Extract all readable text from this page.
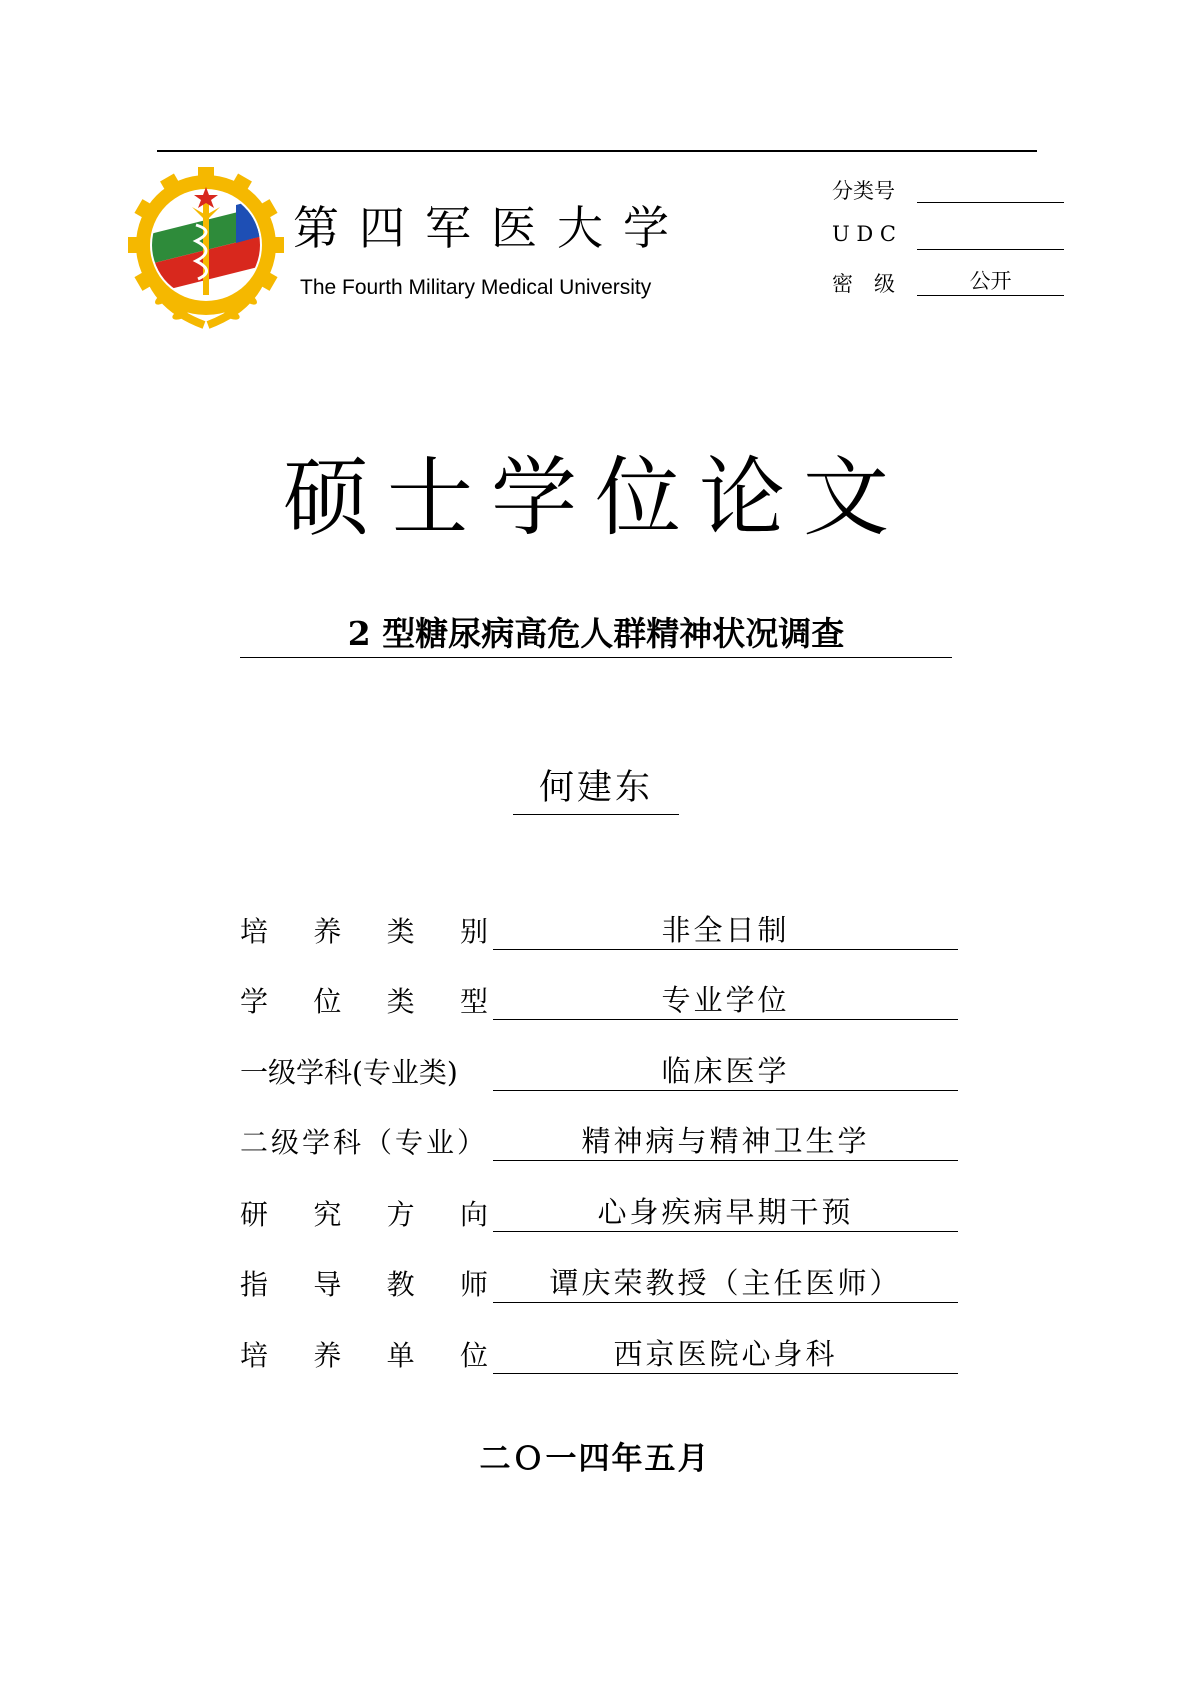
第四军医大学
The Fourth Military Medical University
分类号
U D C
密　级	公开
硕士学位论文
2 型糖尿病高危人群精神状况调查
何建东
培 养 类 别	非全日制
学 位 类 型	专业学位
一级学科(专业类)	临床医学
二级学科（专业）	精神病与精神卫生学
研 究 方 向	心身疾病早期干预
指 导 教 师	谭庆荣教授（主任医师）
培 养 单 位	西京医院心身科
二Ｏ一四年五月
